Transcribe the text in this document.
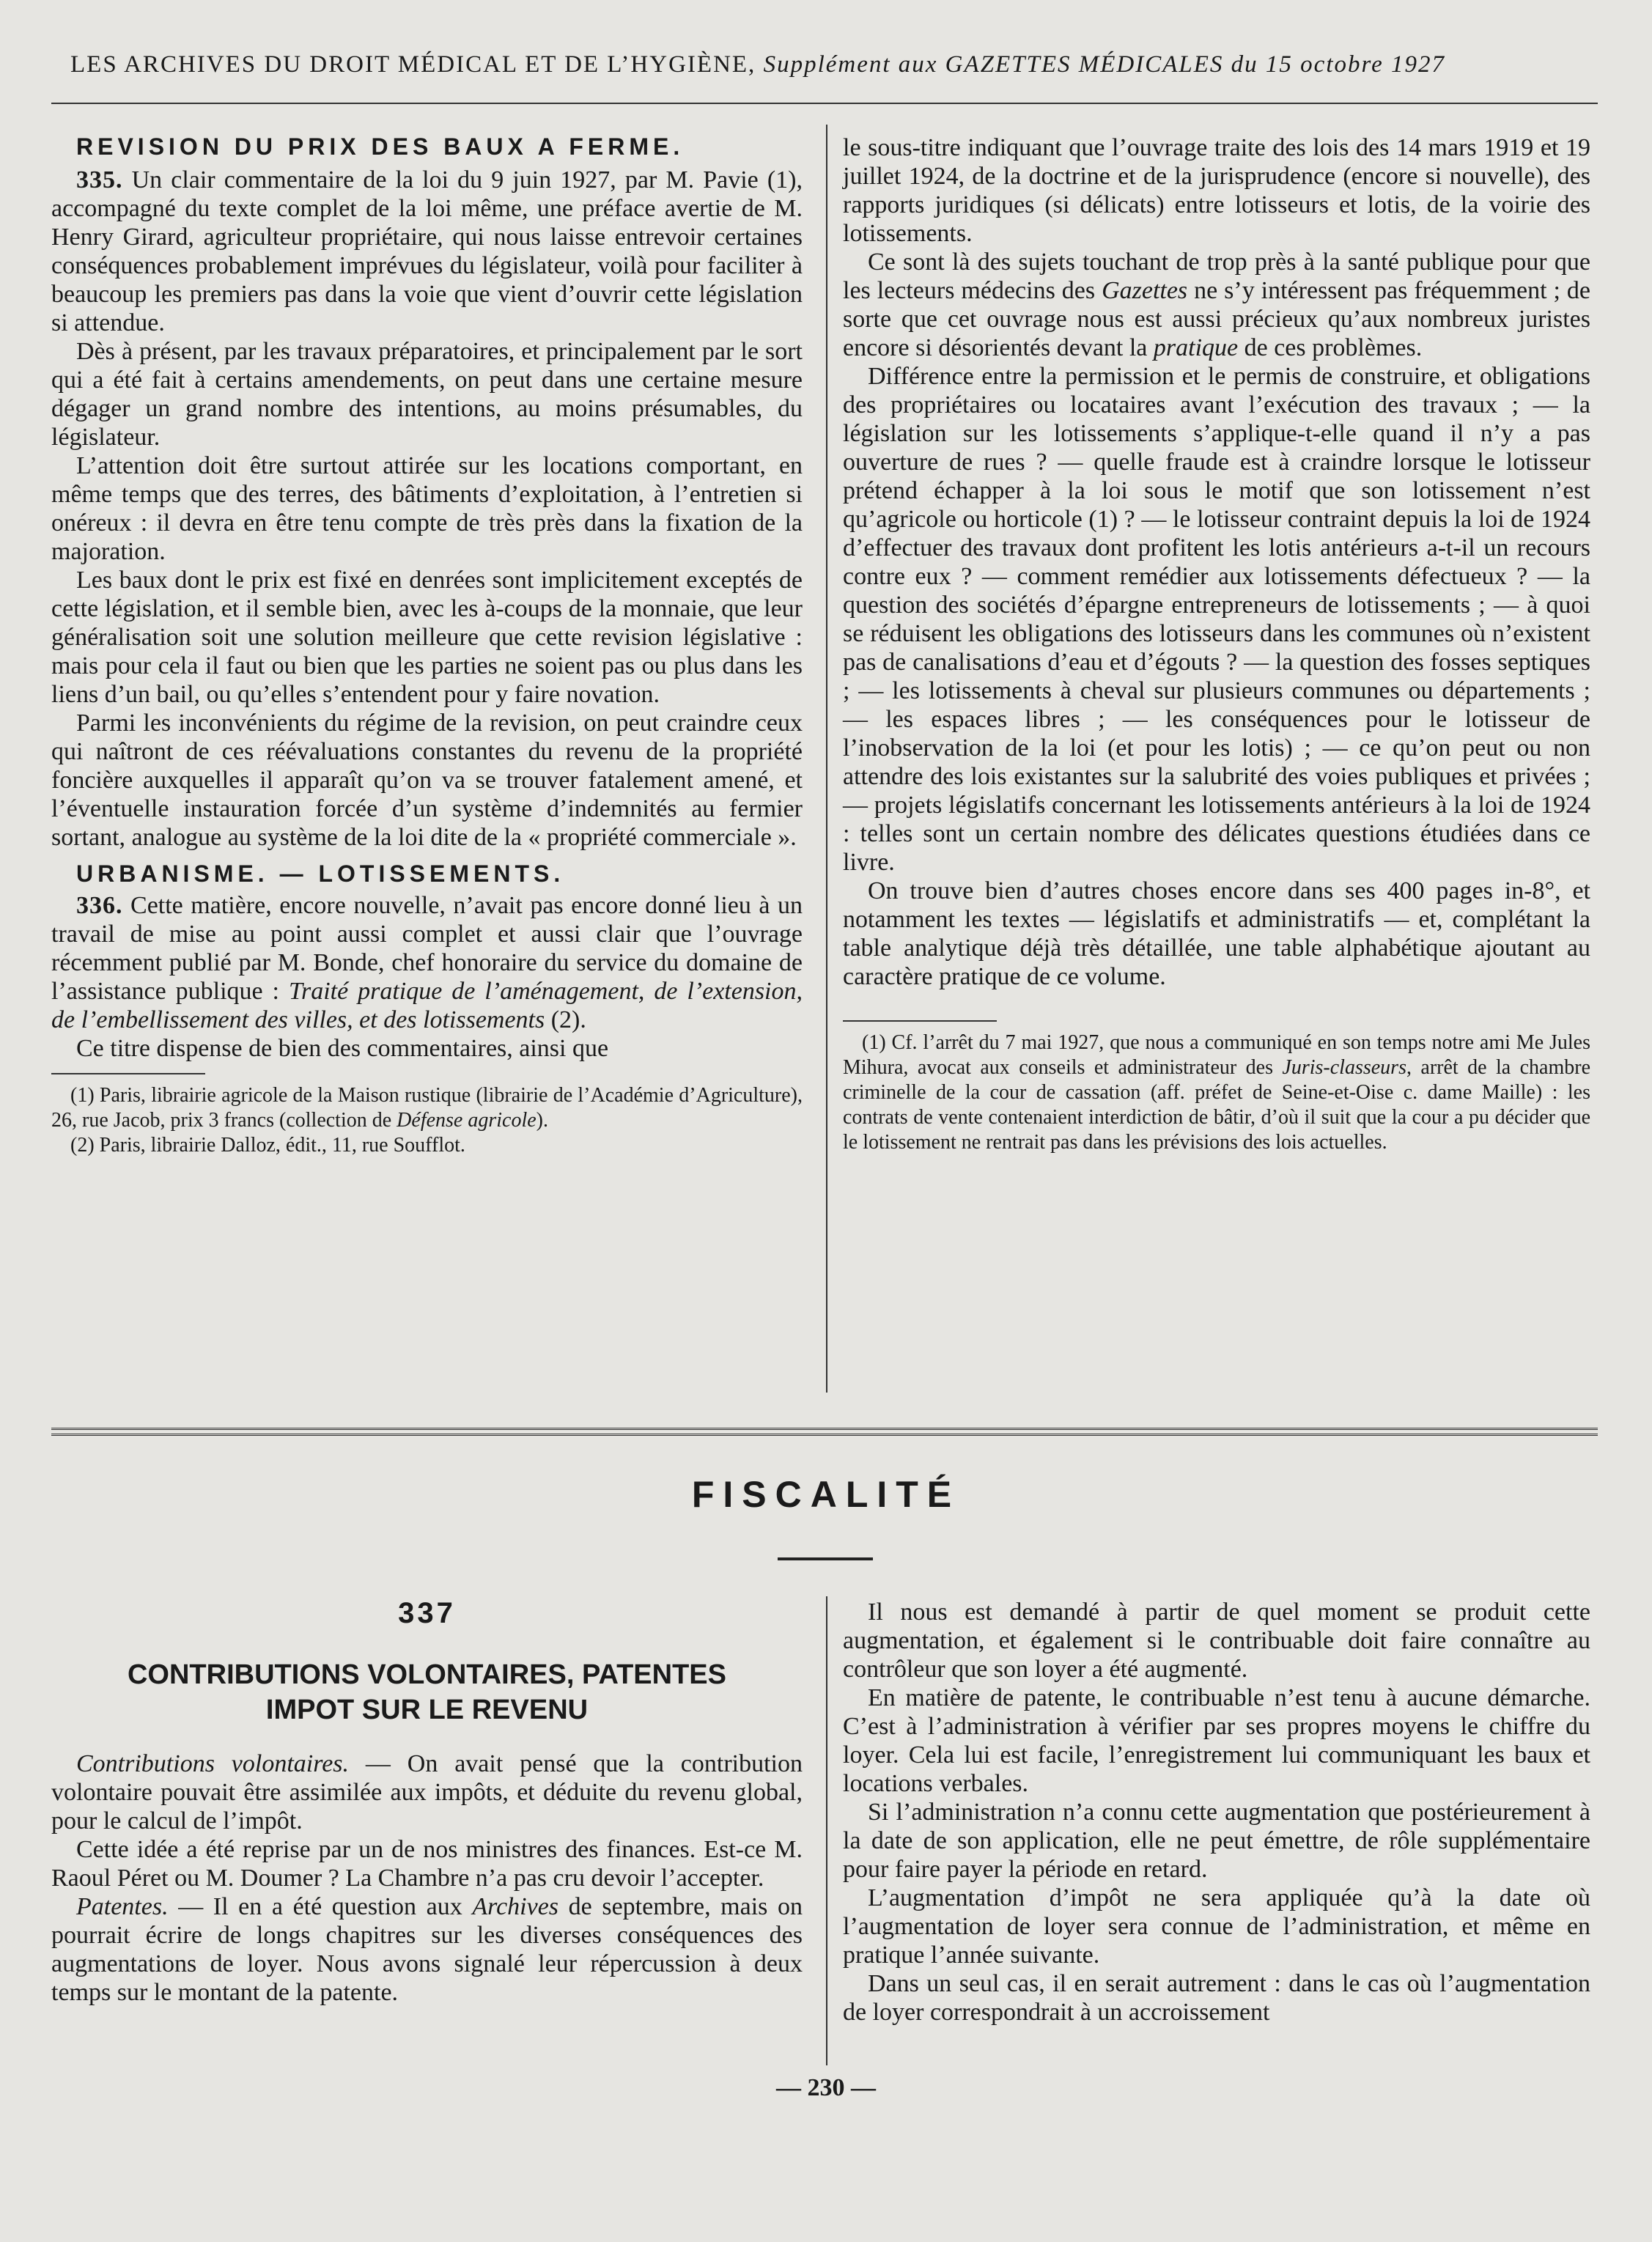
LES ARCHIVES DU DROIT MÉDICAL ET DE L’HYGIÈNE, Supplément aux GAZETTES MÉDICALES du 15 octobre 1927

REVISION DU PRIX DES BAUX A FERME.

335. Un clair commentaire de la loi du 9 juin 1927, par M. Pavie (1), accompagné du texte complet de la loi même, une préface avertie de M. Henry Girard, agriculteur propriétaire, qui nous laisse entrevoir certaines conséquences probablement imprévues du législateur, voilà pour faciliter à beaucoup les premiers pas dans la voie que vient d’ouvrir cette législation si attendue.

Dès à présent, par les travaux préparatoires, et principalement par le sort qui a été fait à certains amendements, on peut dans une certaine mesure dégager un grand nombre des intentions, au moins présumables, du législateur.

L’attention doit être surtout attirée sur les locations comportant, en même temps que des terres, des bâtiments d’exploitation, à l’entretien si onéreux : il devra en être tenu compte de très près dans la fixation de la majoration.

Les baux dont le prix est fixé en denrées sont implicitement exceptés de cette législation, et il semble bien, avec les à-coups de la monnaie, que leur généralisation soit une solution meilleure que cette revision législative : mais pour cela il faut ou bien que les parties ne soient pas ou plus dans les liens d’un bail, ou qu’elles s’entendent pour y faire novation.

Parmi les inconvénients du régime de la revision, on peut craindre ceux qui naîtront de ces réévaluations constantes du revenu de la propriété foncière auxquelles il apparaît qu’on va se trouver fatalement amené, et l’éventuelle instauration forcée d’un système d’indemnités au fermier sortant, analogue au système de la loi dite de la « propriété commerciale ».

URBANISME. — LOTISSEMENTS.

336. Cette matière, encore nouvelle, n’avait pas encore donné lieu à un travail de mise au point aussi complet et aussi clair que l’ouvrage récemment publié par M. Bonde, chef honoraire du service du domaine de l’assistance publique : Traité pratique de l’aménagement, de l’extension, de l’embellissement des villes, et des lotissements (2).

Ce titre dispense de bien des commentaires, ainsi que

(1) Paris, librairie agricole de la Maison rustique (librairie de l’Académie d’Agriculture), 26, rue Jacob, prix 3 francs (collection de Défense agricole).

(2) Paris, librairie Dalloz, édit., 11, rue Soufflot.

le sous-titre indiquant que l’ouvrage traite des lois des 14 mars 1919 et 19 juillet 1924, de la doctrine et de la jurisprudence (encore si nouvelle), des rapports juridiques (si délicats) entre lotisseurs et lotis, de la voirie des lotissements.

Ce sont là des sujets touchant de trop près à la santé publique pour que les lecteurs médecins des Gazettes ne s’y intéressent pas fréquemment ; de sorte que cet ouvrage nous est aussi précieux qu’aux nombreux juristes encore si désorientés devant la pratique de ces problèmes.

Différence entre la permission et le permis de construire, et obligations des propriétaires ou locataires avant l’exécution des travaux ; — la législation sur les lotissements s’applique-t-elle quand il n’y a pas ouverture de rues ? — quelle fraude est à craindre lorsque le lotisseur prétend échapper à la loi sous le motif que son lotissement n’est qu’agricole ou horticole (1) ? — le lotisseur contraint depuis la loi de 1924 d’effectuer des travaux dont profitent les lotis antérieurs a-t-il un recours contre eux ? — comment remédier aux lotissements défectueux ? — la question des sociétés d’épargne entrepreneurs de lotissements ; — à quoi se réduisent les obligations des lotisseurs dans les communes où n’existent pas de canalisations d’eau et d’égouts ? — la question des fosses septiques ; — les lotissements à cheval sur plusieurs communes ou départements ; — les espaces libres ; — les conséquences pour le lotisseur de l’inobservation de la loi (et pour les lotis) ; — ce qu’on peut ou non attendre des lois existantes sur la salubrité des voies publiques et privées ; — projets législatifs concernant les lotissements antérieurs à la loi de 1924 : telles sont un certain nombre des délicates questions étudiées dans ce livre.

On trouve bien d’autres choses encore dans ses 400 pages in-8°, et notamment les textes — législatifs et administratifs — et, complétant la table analytique déjà très détaillée, une table alphabétique ajoutant au caractère pratique de ce volume.

(1) Cf. l’arrêt du 7 mai 1927, que nous a communiqué en son temps notre ami Me Jules Mihura, avocat aux conseils et administrateur des Juris-classeurs, arrêt de la chambre criminelle de la cour de cassation (aff. préfet de Seine-et-Oise c. dame Maille) : les contrats de vente contenaient interdiction de bâtir, d’où il suit que la cour a pu décider que le lotissement ne rentrait pas dans les prévisions des lois actuelles.

FISCALITÉ
337
CONTRIBUTIONS VOLONTAIRES, PATENTES
IMPOT SUR LE REVENU

Contributions volontaires. — On avait pensé que la contribution volontaire pouvait être assimilée aux impôts, et déduite du revenu global, pour le calcul de l’impôt.

Cette idée a été reprise par un de nos ministres des finances. Est-ce M. Raoul Péret ou M. Doumer ? La Chambre n’a pas cru devoir l’accepter.

Patentes. — Il en a été question aux Archives de septembre, mais on pourrait écrire de longs chapitres sur les diverses conséquences des augmentations de loyer. Nous avons signalé leur répercussion à deux temps sur le montant de la patente.

Il nous est demandé à partir de quel moment se produit cette augmentation, et également si le contribuable doit faire connaître au contrôleur que son loyer a été augmenté.

En matière de patente, le contribuable n’est tenu à aucune démarche. C’est à l’administration à vérifier par ses propres moyens le chiffre du loyer. Cela lui est facile, l’enregistrement lui communiquant les baux et locations verbales.

Si l’administration n’a connu cette augmentation que postérieurement à la date de son application, elle ne peut émettre, de rôle supplémentaire pour faire payer la période en retard.

L’augmentation d’impôt ne sera appliquée qu’à la date où l’augmentation de loyer sera connue de l’administration, et même en pratique l’année suivante.

Dans un seul cas, il en serait autrement : dans le cas où l’augmentation de loyer correspondrait à un accroissement

— 230 —
